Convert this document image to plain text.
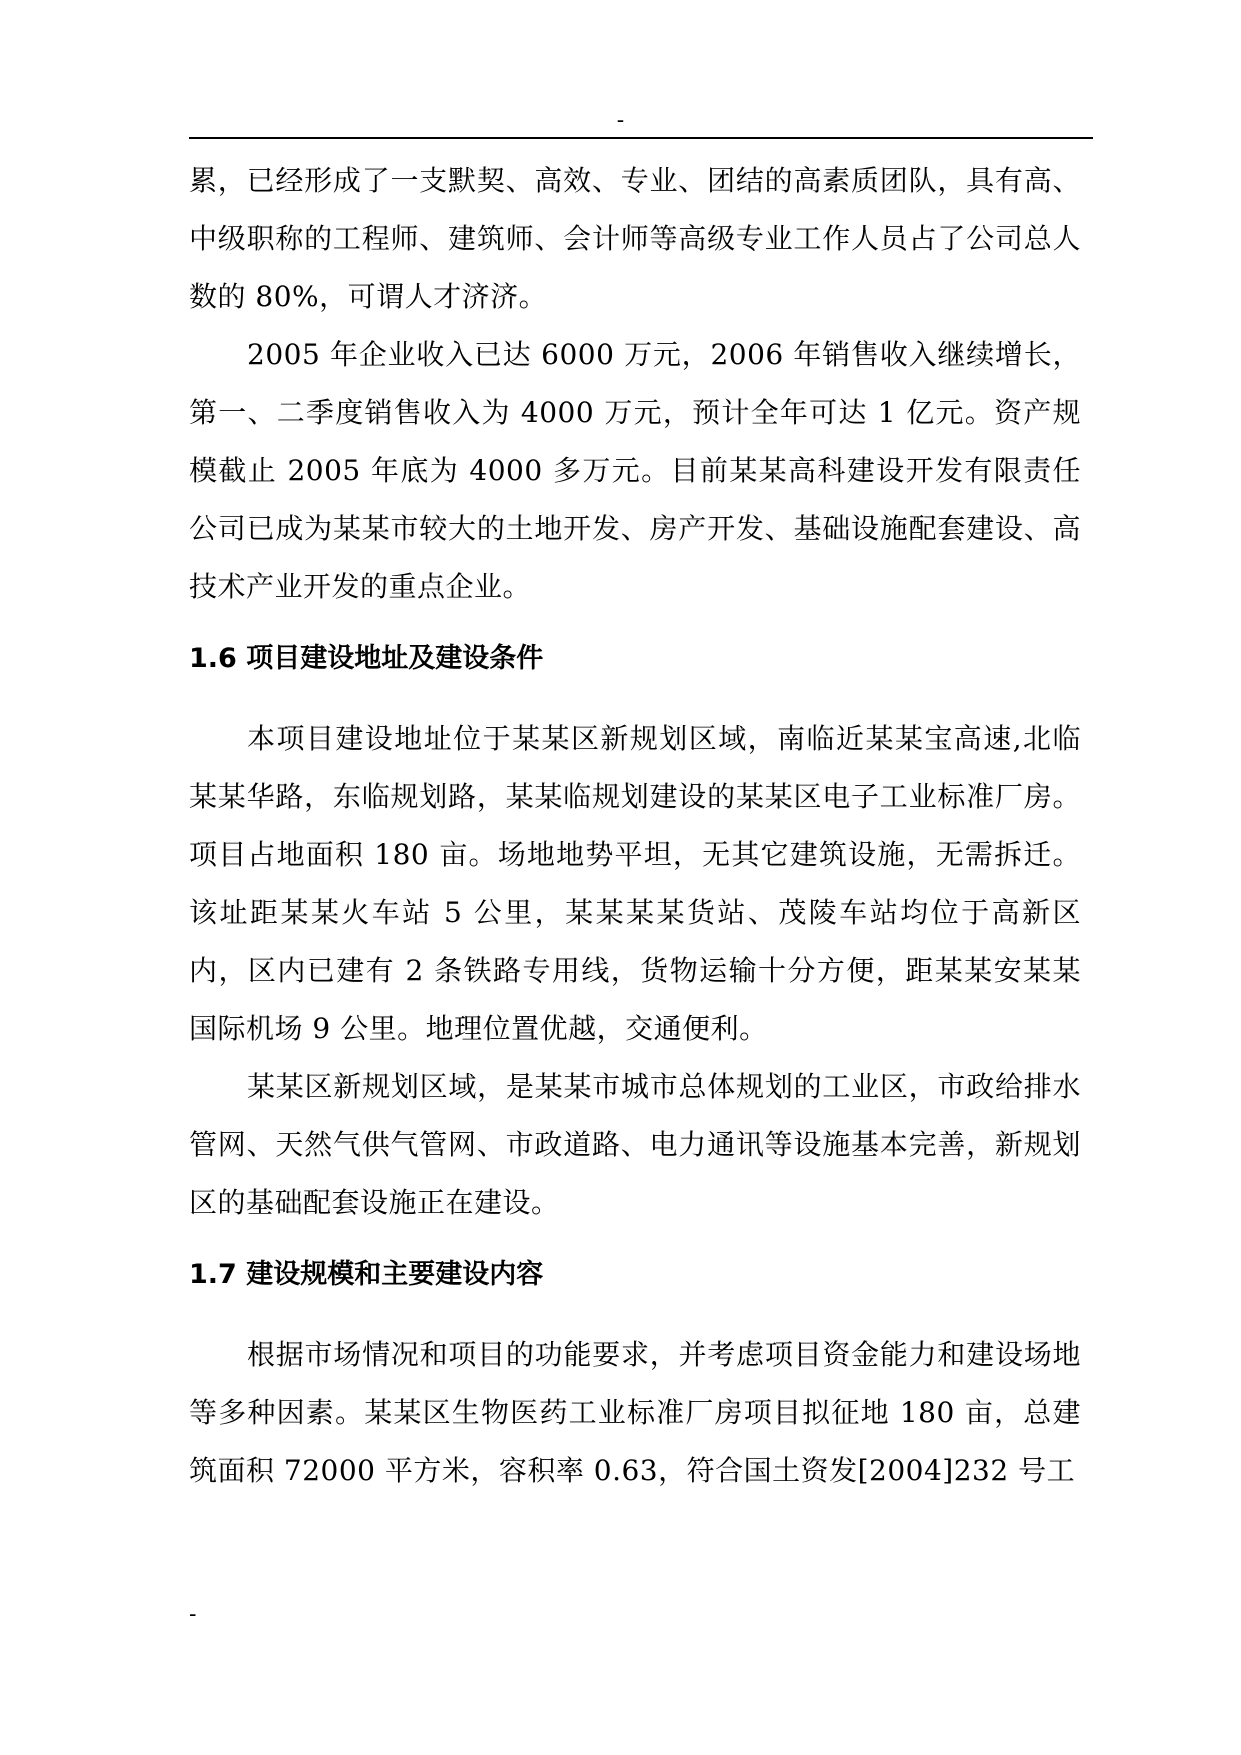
-

累，已经形成了一支默契、高效、专业、团结的高素质团队，具有高、中级职称的工程师、建筑师、会计师等高级专业工作人员占了公司总人数的 80%，可谓人才济济。

2005 年企业收入已达 6000 万元，2006 年销售收入继续增长，第一、二季度销售收入为 4000 万元，预计全年可达 1 亿元。资产规模截止 2005 年底为 4000 多万元。目前某某高科建设开发有限责任公司已成为某某市较大的土地开发、房产开发、基础设施配套建设、高技术产业开发的重点企业。

1.6 项目建设地址及建设条件

本项目建设地址位于某某区新规划区域，南临近某某宝高速,北临某某华路，东临规划路，某某临规划建设的某某区电子工业标准厂房。项目占地面积 180 亩。场地地势平坦，无其它建筑设施，无需拆迁。该址距某某火车站 5 公里，某某某某货站、茂陵车站均位于高新区内，区内已建有 2 条铁路专用线，货物运输十分方便，距某某安某某国际机场 9 公里。地理位置优越，交通便利。

某某区新规划区域，是某某市城市总体规划的工业区，市政给排水管网、天然气供气管网、市政道路、电力通讯等设施基本完善，新规划区的基础配套设施正在建设。

1.7 建设规模和主要建设内容

根据市场情况和项目的功能要求，并考虑项目资金能力和建设场地等多种因素。某某区生物医药工业标准厂房项目拟征地 180 亩，总建筑面积 72000 平方米，容积率 0.63，符合国土资发[2004]232 号工

-
